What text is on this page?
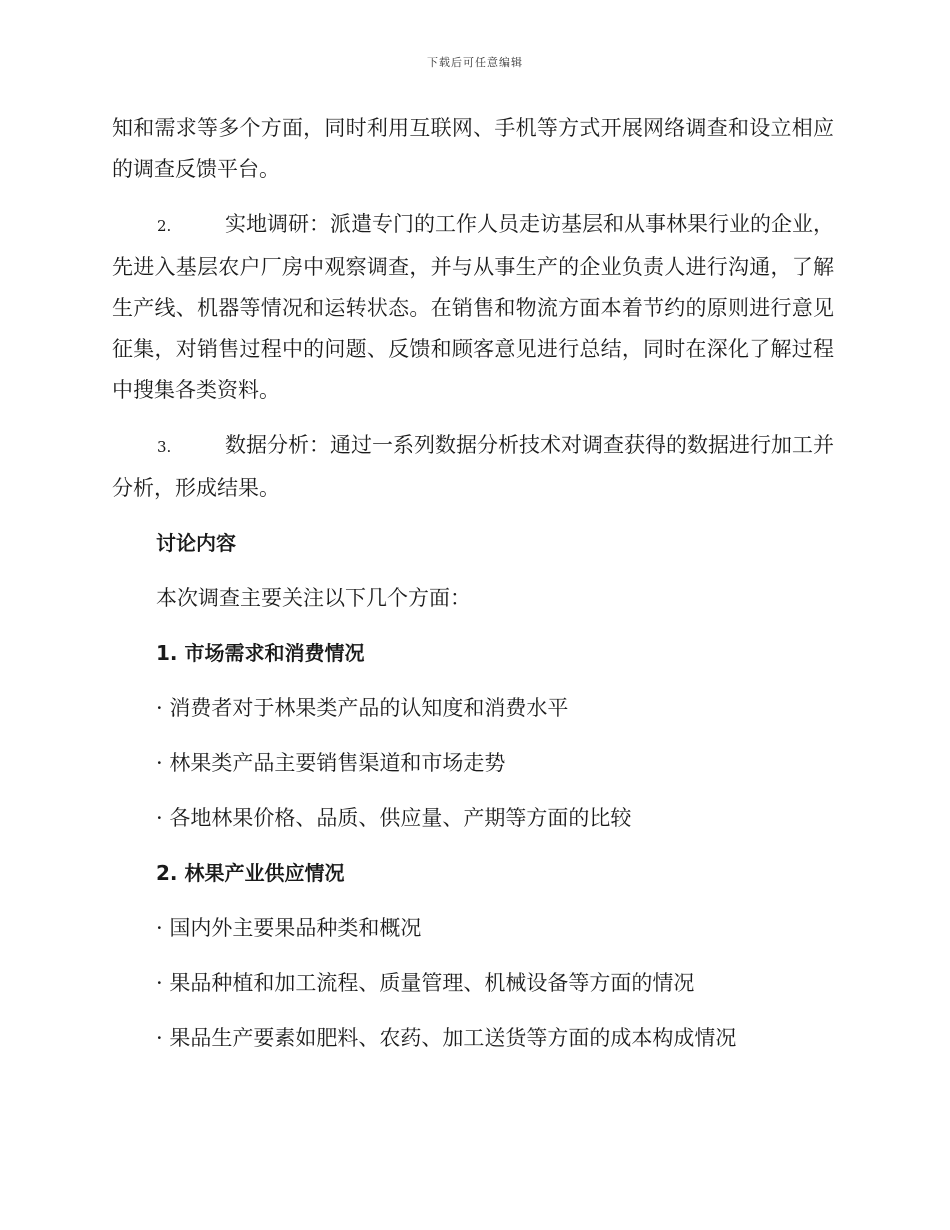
下载后可任意编辑

知和需求等多个方面，同时利用互联网、手机等方式开展网络调查和设立相应的调查反馈平台。

2.	实地调研：派遣专门的工作人员走访基层和从事林果行业的企业，先进入基层农户厂房中观察调查，并与从事生产的企业负责人进行沟通，了解生产线、机器等情况和运转状态。在销售和物流方面本着节约的原则进行意见征集，对销售过程中的问题、反馈和顾客意见进行总结，同时在深化了解过程中搜集各类资料。

3.	数据分析：通过一系列数据分析技术对调查获得的数据进行加工并分析，形成结果。

讨论内容

本次调查主要关注以下几个方面：

1. 市场需求和消费情况

· 消费者对于林果类产品的认知度和消费水平

· 林果类产品主要销售渠道和市场走势

· 各地林果价格、品质、供应量、产期等方面的比较

2. 林果产业供应情况

· 国内外主要果品种类和概况

· 果品种植和加工流程、质量管理、机械设备等方面的情况

· 果品生产要素如肥料、农药、加工送货等方面的成本构成情况
